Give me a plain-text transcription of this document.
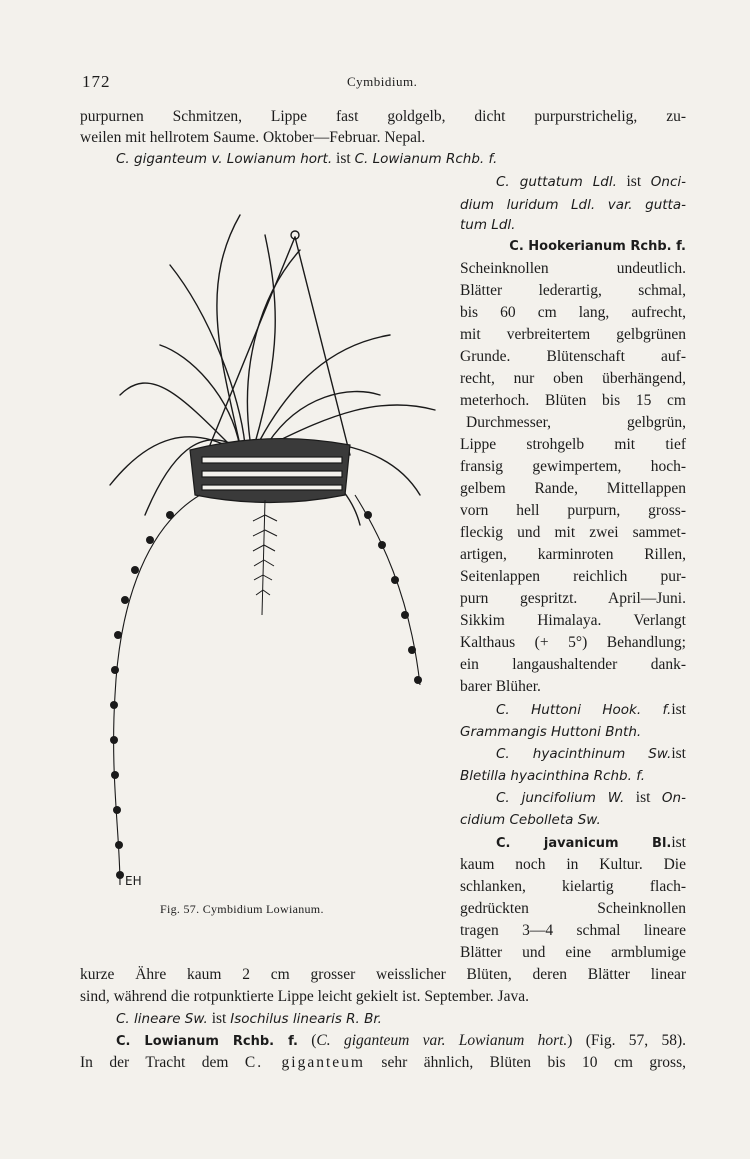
172	Cymbidium.
purpurnen Schmitzen, Lippe fast goldgelb, dicht purpurstrichelig, zu-
weilen mit hellrotem Saume. Oktober—Februar. Nepal.
C. giganteum v. Lowianum hort. ist C. Lowianum Rchb. f.
C. guttatum Ldl. ist Onci-
dium luridum Ldl. var. gutta-
tum Ldl.
C. Hookerianum Rchb. f.
Scheinknollen undeutlich.
Blätter lederartig, schmal,
bis 60 cm lang, aufrecht,
mit verbreitertem gelbgrünen
Grunde. Blütenschaft auf-
recht, nur oben überhängend,
meterhoch. Blüten bis 15 cm
Durchmesser, gelbgrün,
Lippe strohgelb mit tief
fransig gewimpertem, hoch-
gelbem Rande, Mittellappen
vorn hell purpurn, gross-
fleckig und mit zwei sammet-
artigen, karminroten Rillen,
Seitenlappen reichlich pur-
purn gespritzt. April—Juni.
Sikkim Himalaya. Verlangt
Kalthaus (+ 5°) Behandlung;
ein langaushaltender dank-
barer Blüher.
C. Huttoni Hook. f.ist
Grammangis Huttoni Bnth.
C. hyacinthinum Sw.ist
Bletilla hyacinthina Rchb. f.
C. juncifolium W. ist On-
cidium Cebolleta Sw.
C. javanicum Bl.ist
kaum noch in Kultur. Die
schlanken, kielartig flach-
gedrückten Scheinknollen
tragen 3—4 schmal lineare
Blätter und eine armblumige
kurze Ähre kaum 2 cm grosser weisslicher Blüten, deren Blätter linear
sind, während die rotpunktierte Lippe leicht gekielt ist. September. Java.
C. lineare Sw. ist Isochilus linearis R. Br.
C. Lowianum Rchb. f. (C. giganteum var. Lowianum hort.) (Fig. 57, 58).
In der Tracht dem C. giganteum sehr ähnlich, Blüten bis 10 cm gross,
EH
Fig. 57. Cymbidium Lowianum.
